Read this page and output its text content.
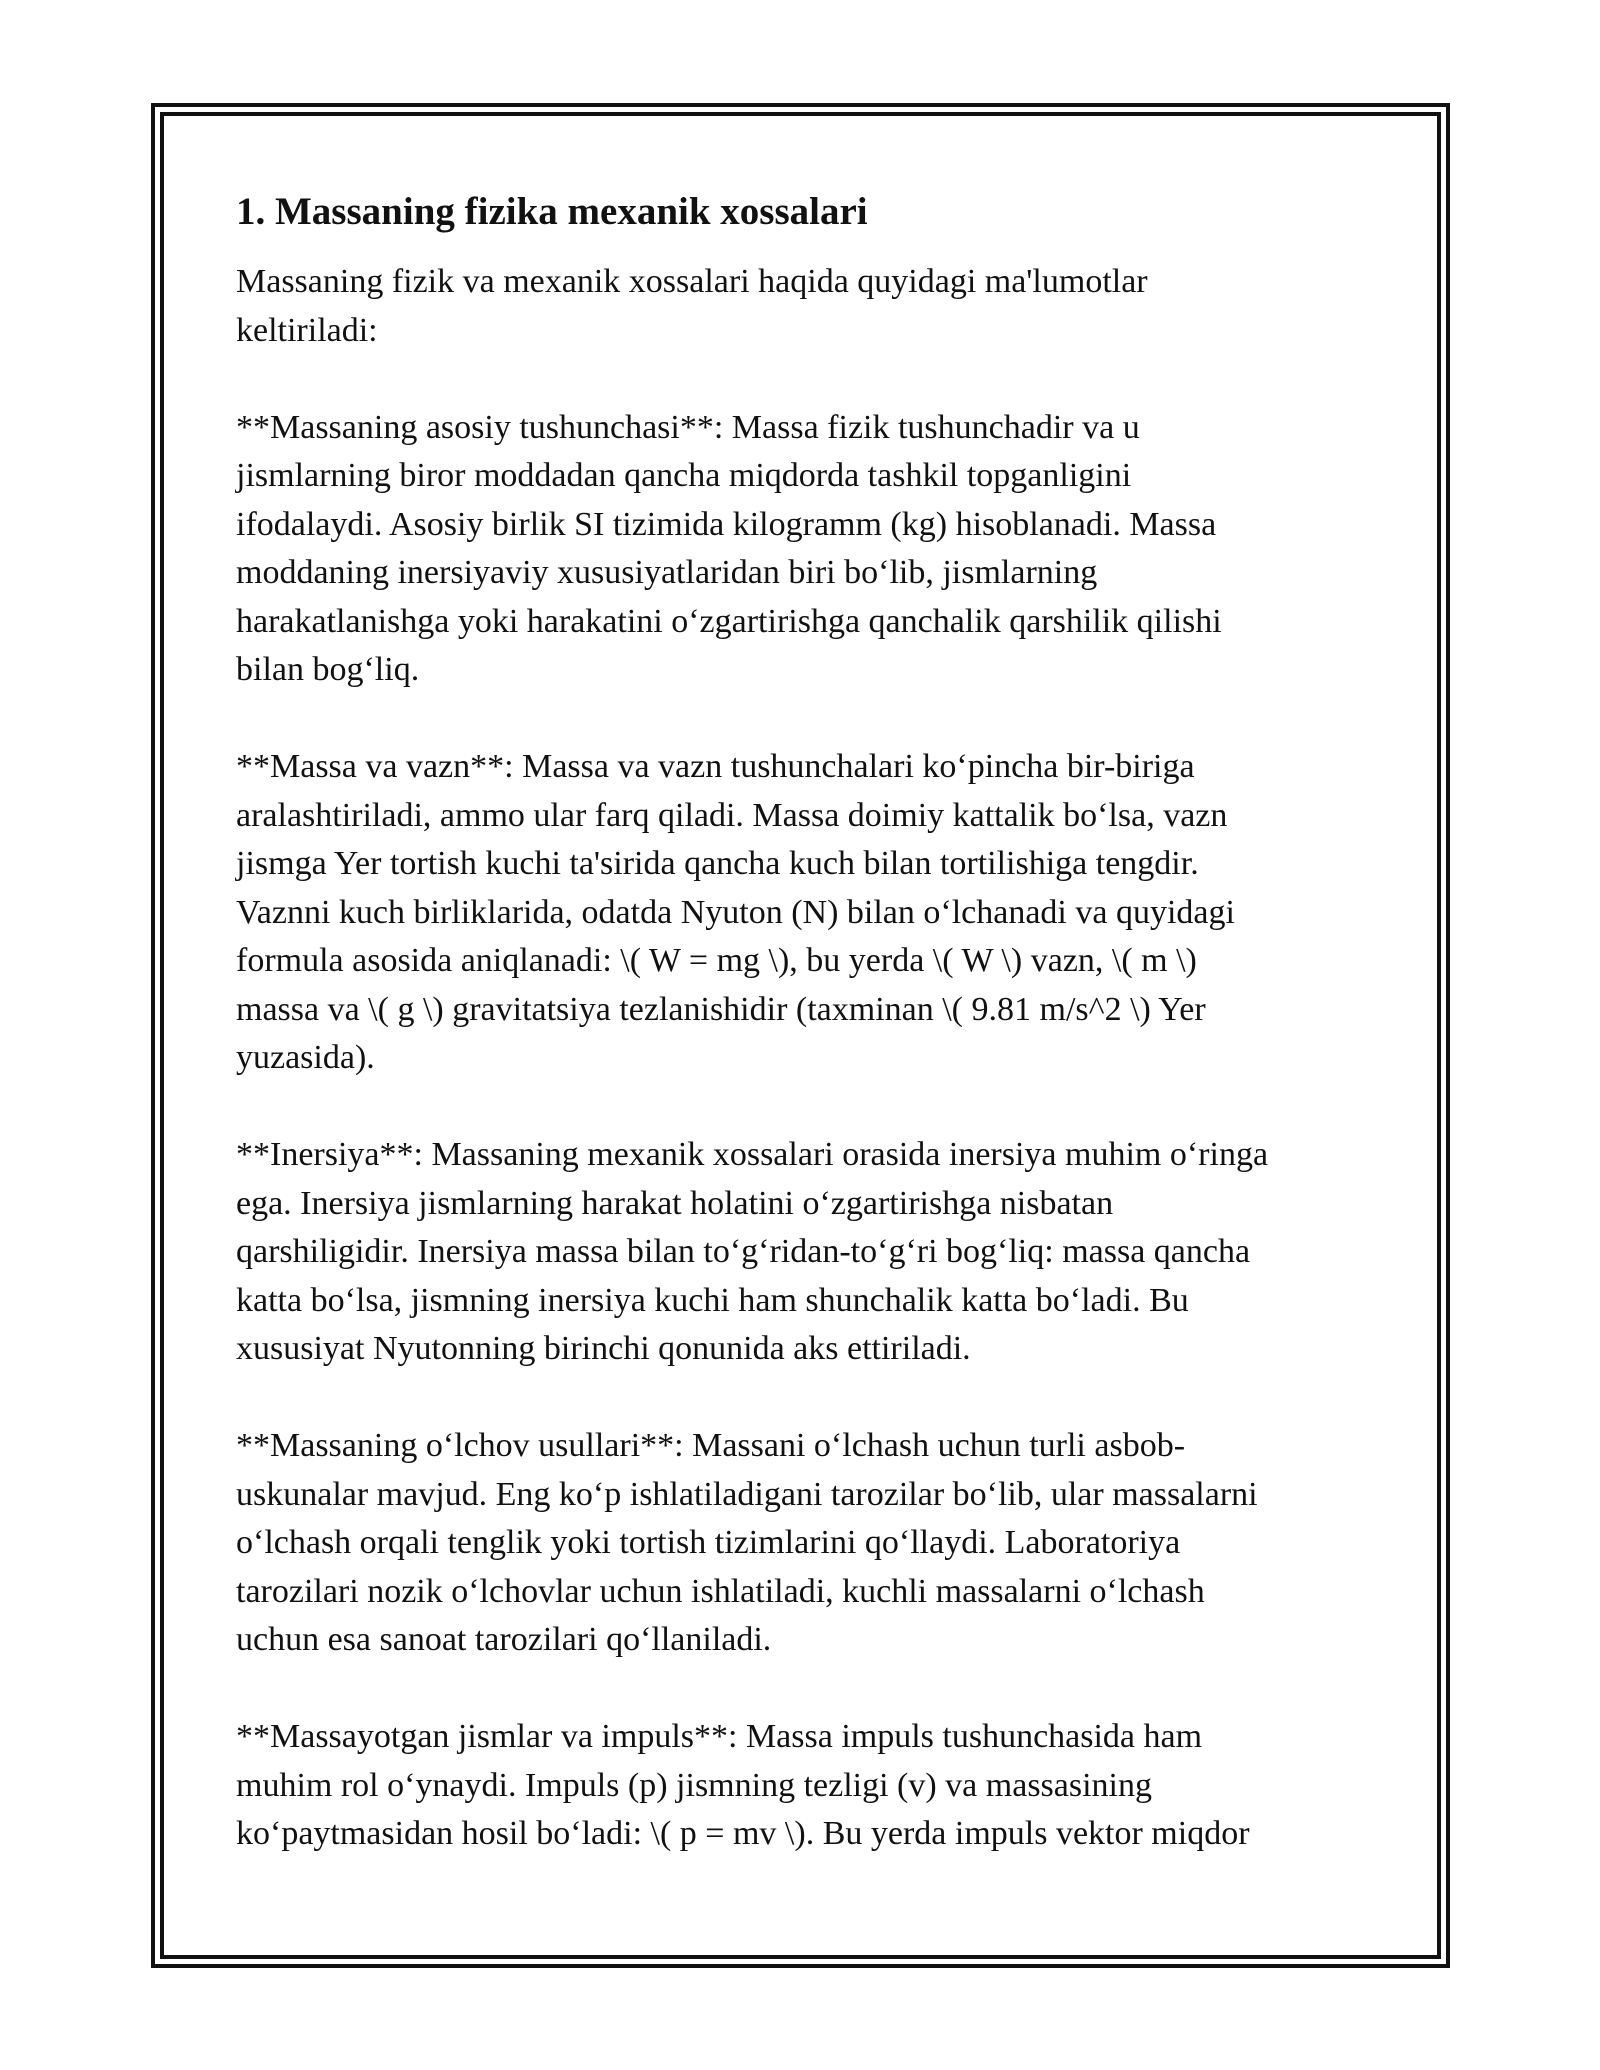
1. Massaning fizika mexanik xossalari
Massaning fizik va mexanik xossalari haqida quyidagi ma'lumotlar
keltiriladi:
**Massaning asosiy tushunchasi**: Massa fizik tushunchadir va u
jismlarning biror moddadan qancha miqdorda tashkil topganligini
ifodalaydi. Asosiy birlik SI tizimida kilogramm (kg) hisoblanadi. Massa
moddaning inersiyaviy xususiyatlaridan biri bo‘lib, jismlarning
harakatlanishga yoki harakatini o‘zgartirishga qanchalik qarshilik qilishi
bilan bog‘liq.
**Massa va vazn**: Massa va vazn tushunchalari ko‘pincha bir-biriga
aralashtiriladi, ammo ular farq qiladi. Massa doimiy kattalik bo‘lsa, vazn
jismga Yer tortish kuchi ta'sirida qancha kuch bilan tortilishiga tengdir.
Vaznni kuch birliklarida, odatda Nyuton (N) bilan o‘lchanadi va quyidagi
formula asosida aniqlanadi: \( W = mg \), bu yerda \( W \) vazn, \( m \)
massa va \( g \) gravitatsiya tezlanishidir (taxminan \( 9.81 m/s^2 \) Yer
yuzasida).
**Inersiya**: Massaning mexanik xossalari orasida inersiya muhim o‘ringa
ega. Inersiya jismlarning harakat holatini o‘zgartirishga nisbatan
qarshiligidir. Inersiya massa bilan to‘g‘ridan-to‘g‘ri bog‘liq: massa qancha
katta bo‘lsa, jismning inersiya kuchi ham shunchalik katta bo‘ladi. Bu
xususiyat Nyutonning birinchi qonunida aks ettiriladi.
**Massaning o‘lchov usullari**: Massani o‘lchash uchun turli asbob-
uskunalar mavjud. Eng ko‘p ishlatiladigani tarozilar bo‘lib, ular massalarni
o‘lchash orqali tenglik yoki tortish tizimlarini qo‘llaydi. Laboratoriya
tarozilari nozik o‘lchovlar uchun ishlatiladi, kuchli massalarni o‘lchash
uchun esa sanoat tarozilari qo‘llaniladi.
**Massayotgan jismlar va impuls**: Massa impuls tushunchasida ham
muhim rol o‘ynaydi. Impuls (p) jismning tezligi (v) va massasining
ko‘paytmasidan hosil bo‘ladi: \( p = mv \). Bu yerda impuls vektor miqdor
